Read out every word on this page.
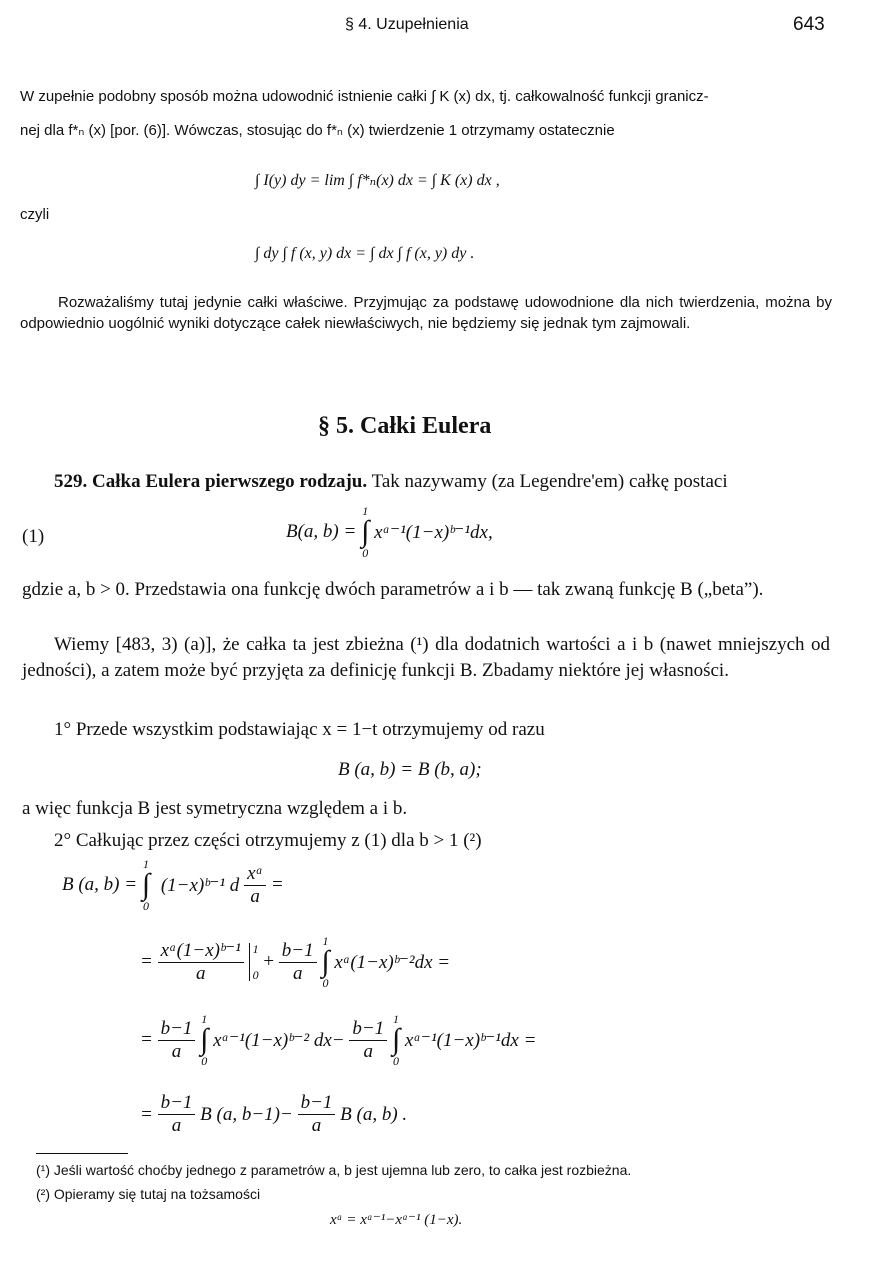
§ 4. Uzupełnienia	643
W zupełnie podobny sposób można udowodnić istnienie całki ∫ K (x) dx, tj. całkowalność funkcji granicz-
nej dla f*ₙ (x) [por. (6)]. Wówczas, stosując do f*ₙ (x) twierdzenie 1 otrzymamy ostatecznie
∫ I(y) dy = lim ∫ f*ₙ(x) dx = ∫ K (x) dx ,
czyli
∫ dy ∫ f (x, y) dx = ∫ dx ∫ f (x, y) dy .
Rozważaliśmy tutaj jedynie całki właściwe. Przyjmując za podstawę udowodnione dla nich twierdzenia, można by odpowiednio uogólnić wyniki dotyczące całek niewłaściwych, nie będziemy się jednak tym zajmowali.
§ 5. Całki Eulera
529. Całka Eulera pierwszego rodzaju. Tak nazywamy (za Legendre'em) całkę postaci
(1)	B(a, b) =
1
∫
0
xᵃ⁻¹(1−x)ᵇ⁻¹dx,
gdzie a, b > 0. Przedstawia ona funkcję dwóch parametrów a i b — tak zwaną funkcję B („beta”).
Wiemy [483, 3) (a)], że całka ta jest zbieżna (¹) dla dodatnich wartości a i b (nawet mniejszych od jedności), a zatem może być przyjęta za definicję funkcji B. Zbadamy niektóre jej własności.
1° Przede wszystkim podstawiając x = 1−t otrzymujemy od razu
B (a, b) = B (b, a);
a więc funkcja B jest symetryczna względem a i b.
2° Całkując przez części otrzymujemy z (1) dla b > 1 (²)
B (a, b) =
1
∫
0
(1−x)ᵇ⁻¹ d $\frac{\text{xᵃ}}{a}$ =
= $\frac{\text{xᵃ(1−x)ᵇ⁻¹}}{a}$
1

0
+ $\frac{b-1}{a}$
1
∫
0
xᵃ(1−x)ᵇ⁻²dx =
= $\frac{b-1}{a}$
1
∫
0
xᵃ⁻¹(1−x)ᵇ⁻² $dx- \frac{b-1}{a}$
1
∫
0
xᵃ⁻¹(1−x)ᵇ⁻¹dx =
= $\frac{b-1}{a}$ B (a, $b-1)- \frac{b-1}{a}$ B (a, b) .
(¹) Jeśli wartość choćby jednego z parametrów a, b jest ujemna lub zero, to całka jest rozbieżna.
(²) Opieramy się tutaj na tożsamości
xᵃ = xᵃ⁻¹−xᵃ⁻¹ (1−x).
